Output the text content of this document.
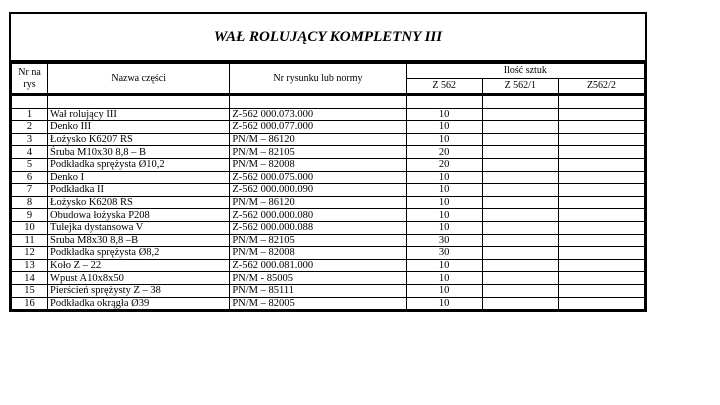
WAŁ ROLUJĄCY KOMPLETNY III
Nr na rys	Nazwa części	Nr rysunku lub normy	Ilość sztuk		
			Z 562	Z 562/1	Z562/2

1	Wał rolujący III	Z-562 000.073.000	10		
2	Denko III	Z-562 000.077.000	10		
3	Łożysko K6207 RS	PN/M – 86120	10		
4	Śruba M10x30 8,8 – B	PN/M – 82105	20		
5	Podkładka sprężysta Ø10,2	PN/M – 82008	20		
6	Denko I	Z-562 000.075.000	10		
7	Podkładka II	Z-562 000.000.090	10		
8	Łożysko K6208 RS	PN/M – 86120	10		
9	Obudowa łożyska P208	Z-562 000.000.080	10		
10	Tulejka dystansowa V	Z-562 000.000.088	10		
11	Śruba M8x30 8,8 –B	PN/M – 82105	30		
12	Podkładka sprężysta Ø8,2	PN/M – 82008	30		
13	Koło Z – 22	Z-562 000.081.000	10		
14	Wpust A10x8x50	PN/M - 85005	10		
15	Pierścień sprężysty Z – 38	PN/M – 85111	10		
16	Podkładka okrągła Ø39	PN/M – 82005	10		
